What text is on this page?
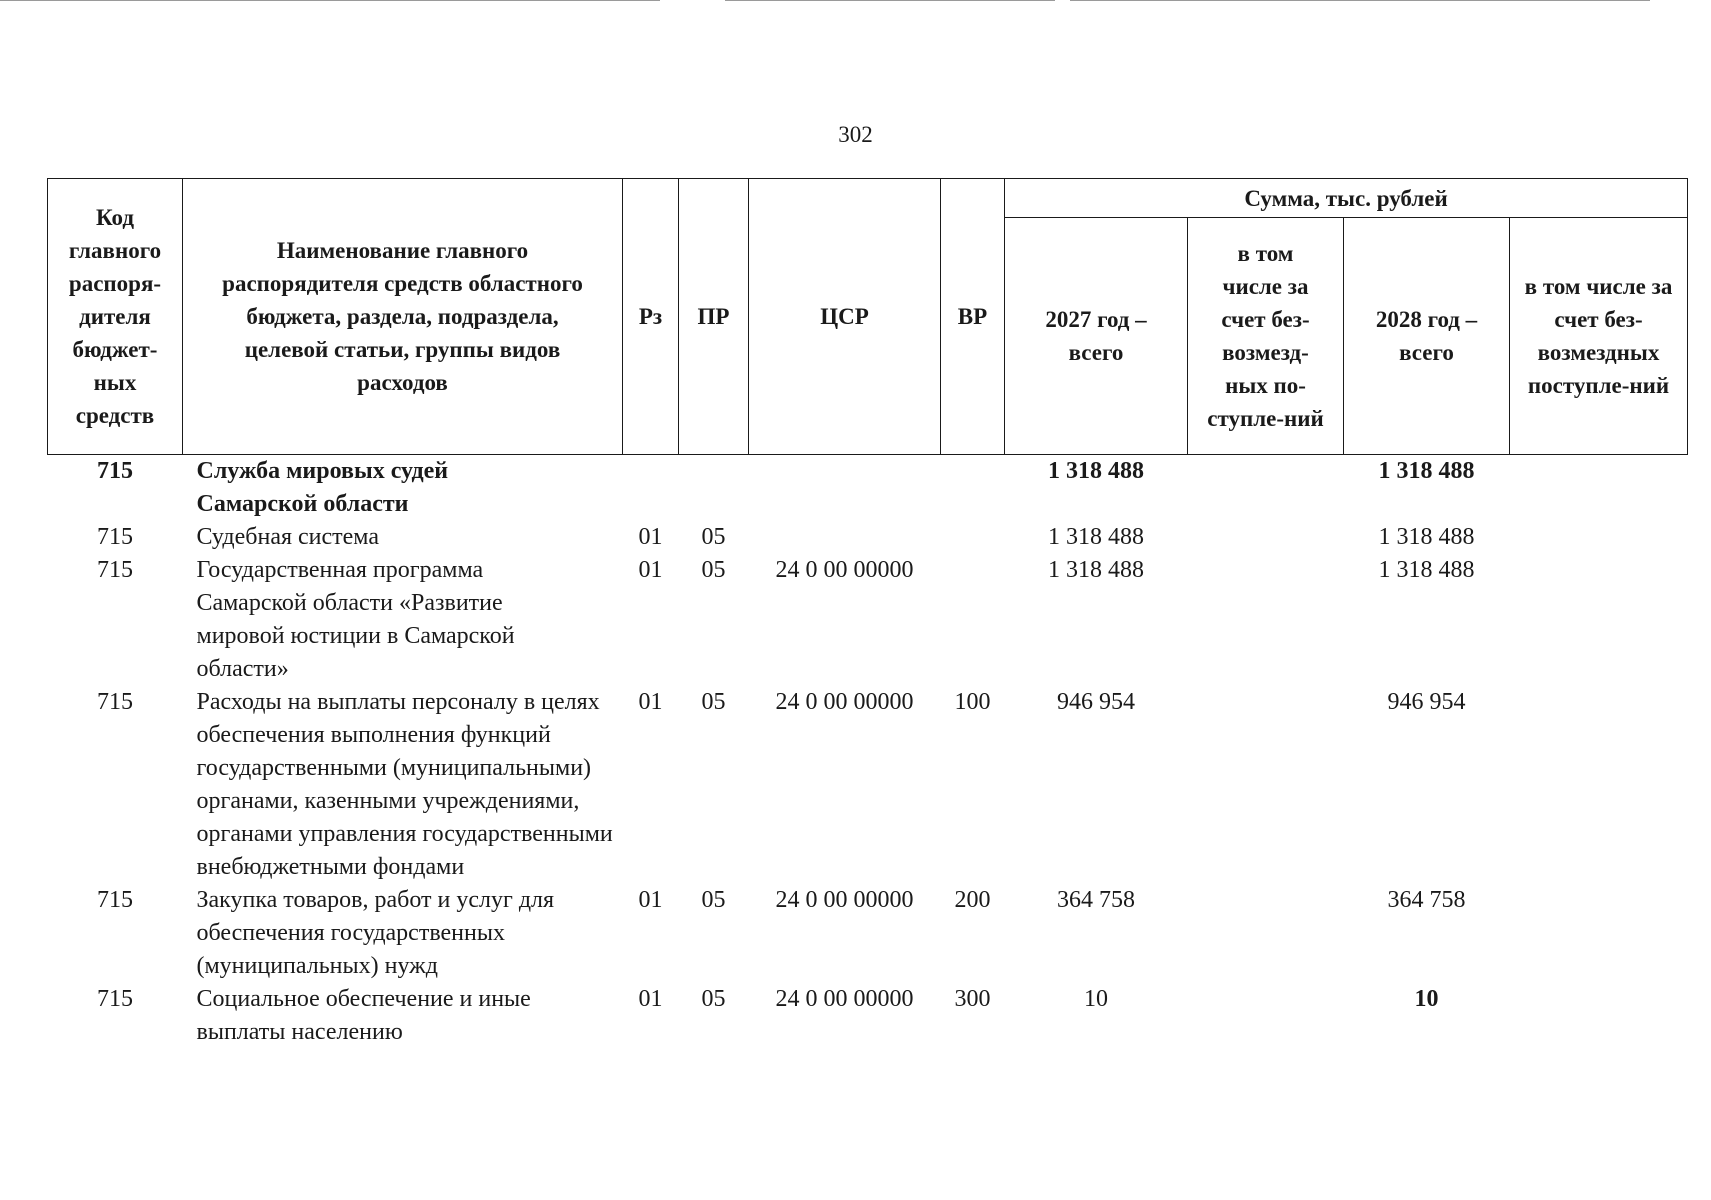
302
Код главного распоря-дителя бюджет-ных средств	Наименование главного распорядителя средств областного бюджета, раздела, подраздела, целевой статьи, группы видов расходов	Рз	ПР	ЦСР	ВР	Сумма, тыс. рублей			
						2027 год – всего	в том числе за счет без-возмезд-ных по-ступле-ний	2028 год – всего	в том числе за счет без-возмездных поступле-ний
715	Служба мировых судей Самарской области					1 318 488		1 318 488	
715	Судебная система	01	05			1 318 488		1 318 488	
715	Государственная программа Самарской области «Развитие мировой юстиции в Самарской области»	01	05	24 0 00 00000		1 318 488		1 318 488	
715	Расходы на выплаты персоналу в целях обеспечения выполнения функций государственными (муниципальными) органами, казенными учреждениями, органами управления государственными внебюджетными фондами	01	05	24 0 00 00000	100	946 954		946 954	
715	Закупка товаров, работ и услуг для обеспечения государственных (муниципальных) нужд	01	05	24 0 00 00000	200	364 758		364 758	
715	Социальное обеспечение и иные выплаты населению	01	05	24 0 00 00000	300	10		10	
